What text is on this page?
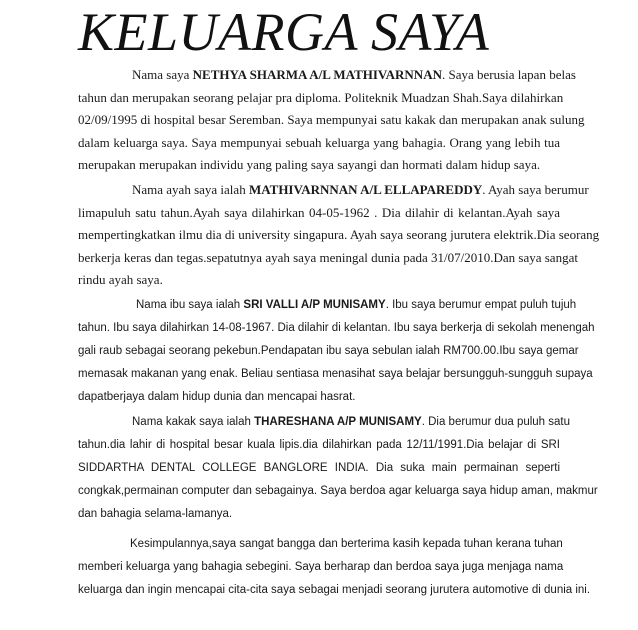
KELUARGA SAYA
Nama saya NETHYA SHARMA A/L MATHIVARNNAN. Saya berusia lapan belas
tahun dan merupakan seorang pelajar pra diploma. Politeknik Muadzan Shah.Saya dilahirkan
02/09/1995 di hospital besar Seremban. Saya mempunyai satu kakak dan merupakan anak sulung
dalam keluarga saya. Saya mempunyai sebuah keluarga yang bahagia. Orang yang lebih tua
merupakan merupakan individu yang paling saya sayangi dan hormati dalam hidup saya.
Nama ayah saya ialah MATHIVARNNAN A/L ELLAPAREDDY. Ayah saya berumur
limapuluh satu tahun.Ayah saya dilahirkan 04-05-1962 . Dia dilahir di kelantan.Ayah saya
mempertingkatkan ilmu dia di university singapura. Ayah saya seorang jurutera elektrik.Dia seorang
berkerja keras dan tegas.sepatutnya ayah saya meningal dunia pada 31/07/2010.Dan saya sangat
rindu ayah saya.
Nama ibu saya ialah SRI VALLI A/P MUNISAMY. Ibu saya berumur empat puluh tujuh
tahun. Ibu saya dilahirkan 14-08-1967. Dia dilahir di kelantan. Ibu saya berkerja di sekolah menengah
gali raub sebagai seorang pekebun.Pendapatan ibu saya sebulan ialah RM700.00.Ibu saya gemar
memasak makanan yang enak. Beliau sentiasa menasihat saya belajar bersungguh-sungguh supaya
dapatberjaya dalam hidup dunia dan mencapai hasrat.
Nama kakak saya ialah THARESHANA A/P MUNISAMY. Dia berumur dua puluh satu
tahun.dia lahir di hospital besar kuala lipis.dia dilahirkan pada 12/11/1991.Dia belajar di SRI
SIDDARTHA DENTAL COLLEGE BANGLORE INDIA. Dia suka main permainan seperti
congkak,permainan computer dan sebagainya. Saya berdoa agar keluarga saya hidup aman, makmur
dan bahagia selama-lamanya.
Kesimpulannya,saya sangat bangga dan berterima kasih kepada tuhan kerana tuhan
memberi keluarga yang bahagia sebegini. Saya berharap dan berdoa saya juga menjaga nama
keluarga dan ingin mencapai cita-cita saya sebagai menjadi seorang jurutera automotive di dunia ini.
